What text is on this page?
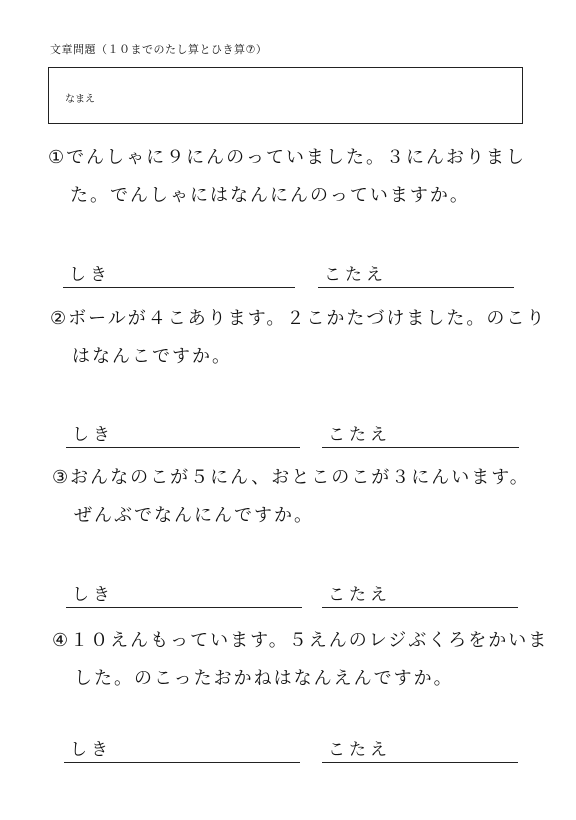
文章問題（１０までのたし算とひき算⑦）
なまえ
①でんしゃに９にんのっていました。３にんおりまし
た。でんしゃにはなんにんのっていますか。
しき	こたえ
②ボールが４こあります。２こかたづけました。のこり
はなんこですか。
しき	こたえ
③おんなのこが５にん、おとこのこが３にんいます。
ぜんぶでなんにんですか。
しき	こたえ
④１０えんもっています。５えんのレジぶくろをかいま
した。のこったおかねはなんえんですか。
しき	こたえ
